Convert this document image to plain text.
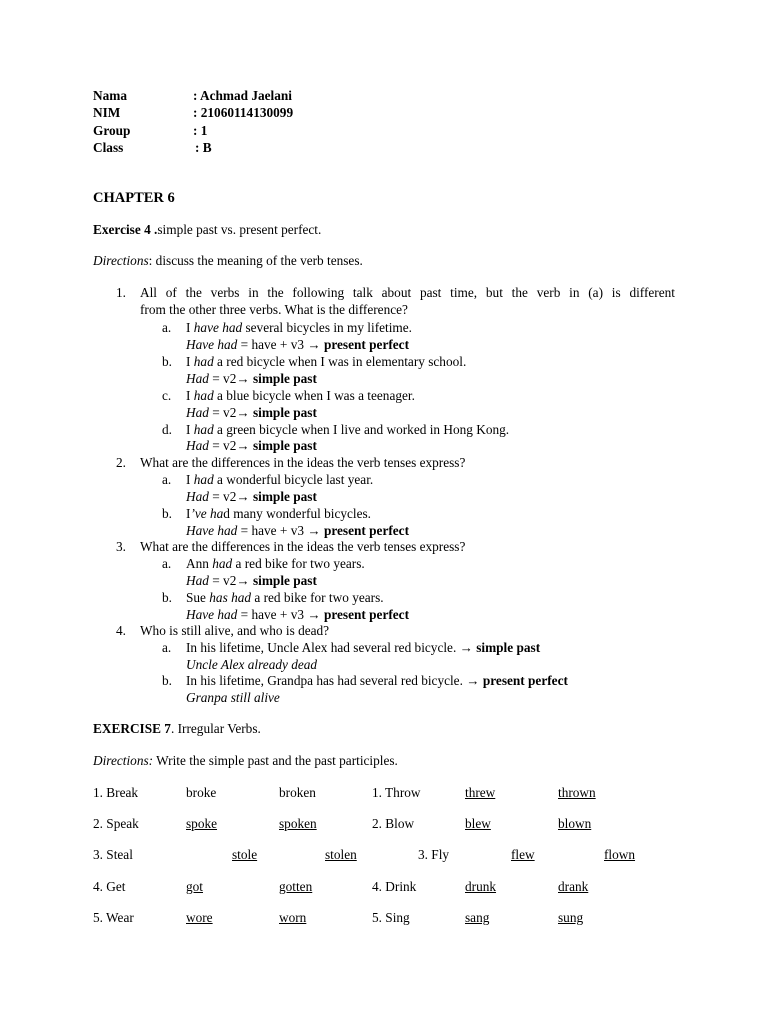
Nama	: Achmad Jaelani
NIM	: 21060114130099
Group	: 1
Class	: B
CHAPTER 6
Exercise 4 .simple past vs. present perfect.
Directions: discuss the meaning of the verb tenses.
1. All of the verbs in the following talk about past time, but the verb in (a) is different
from the other three verbs. What is the difference?
a. I have had several bicycles in my lifetime.
Have had = have + v3 → present perfect
b. I had a red bicycle when I was in elementary school.
Had = v2→ simple past
c. I had a blue bicycle when I was a teenager.
Had = v2→ simple past
d. I had a green bicycle when I live and worked in Hong Kong.
Had = v2→ simple past
2. What are the differences in the ideas the verb tenses express?
a. I had a wonderful bicycle last year.
Had = v2→ simple past
b. I’ve had many wonderful bicycles.
Have had = have + v3 → present perfect
3. What are the differences in the ideas the verb tenses express?
a. Ann had a red bike for two years.
Had = v2→ simple past
b. Sue has had a red bike for two years.
Have had = have + v3 → present perfect
4. Who is still alive, and who is dead?
a. In his lifetime, Uncle Alex had several red bicycle. → simple past
Uncle Alex already dead
b. In his lifetime, Grandpa has had several red bicycle. → present perfect
Granpa still alive
EXERCISE 7. Irregular Verbs.
Directions: Write the simple past and the past participles.
1. Break	broke	broken	1. Throw	threw	thrown
2. Speak	spoke	spoken	2. Blow	blew	blown
3. Steal	stole	stolen	3. Fly	flew	flown
4. Get	got	gotten	4. Drink	drunk	drank
5. Wear	wore	worn	5. Sing	sang	sung
